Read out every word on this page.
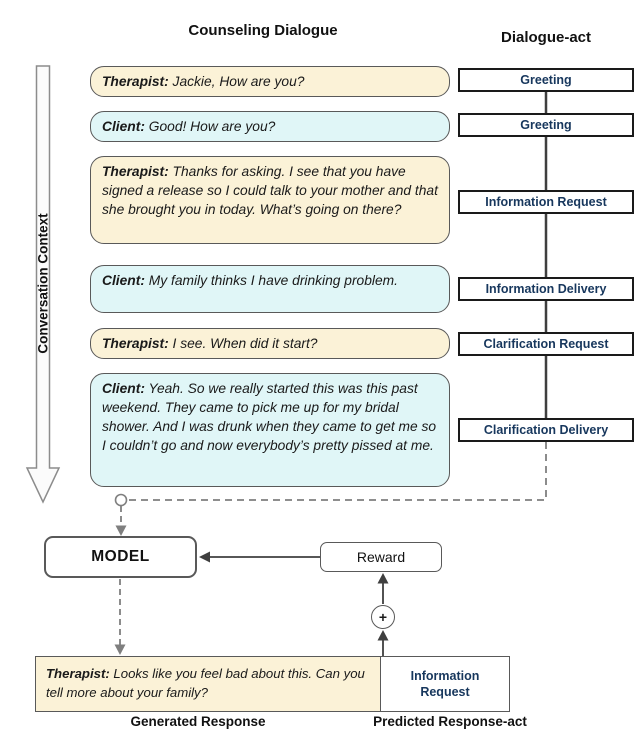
Counseling Dialogue	Dialogue-act
Conversation Context
Therapist: Jackie, How are you?
Client: Good! How are you?
Therapist: Thanks for asking. I see that you have signed a release so I could talk to your mother and that she brought you in today. What’s going on there?
Client: My family thinks I have drinking problem.
Therapist: I see. When did it start?
Client: Yeah. So we really started this was this past weekend. They came to pick me up for my bridal shower. And I was drunk when they came to get me so I couldn’t go and now everybody’s pretty pissed at me.
Greeting
Greeting
Information Request
Information Delivery
Clarification Request
Clarification Delivery
MODEL	Reward
+
Therapist: Looks like you feel bad about this. Can you tell more about your family?
Information Request
Generated Response	Predicted Response-act
